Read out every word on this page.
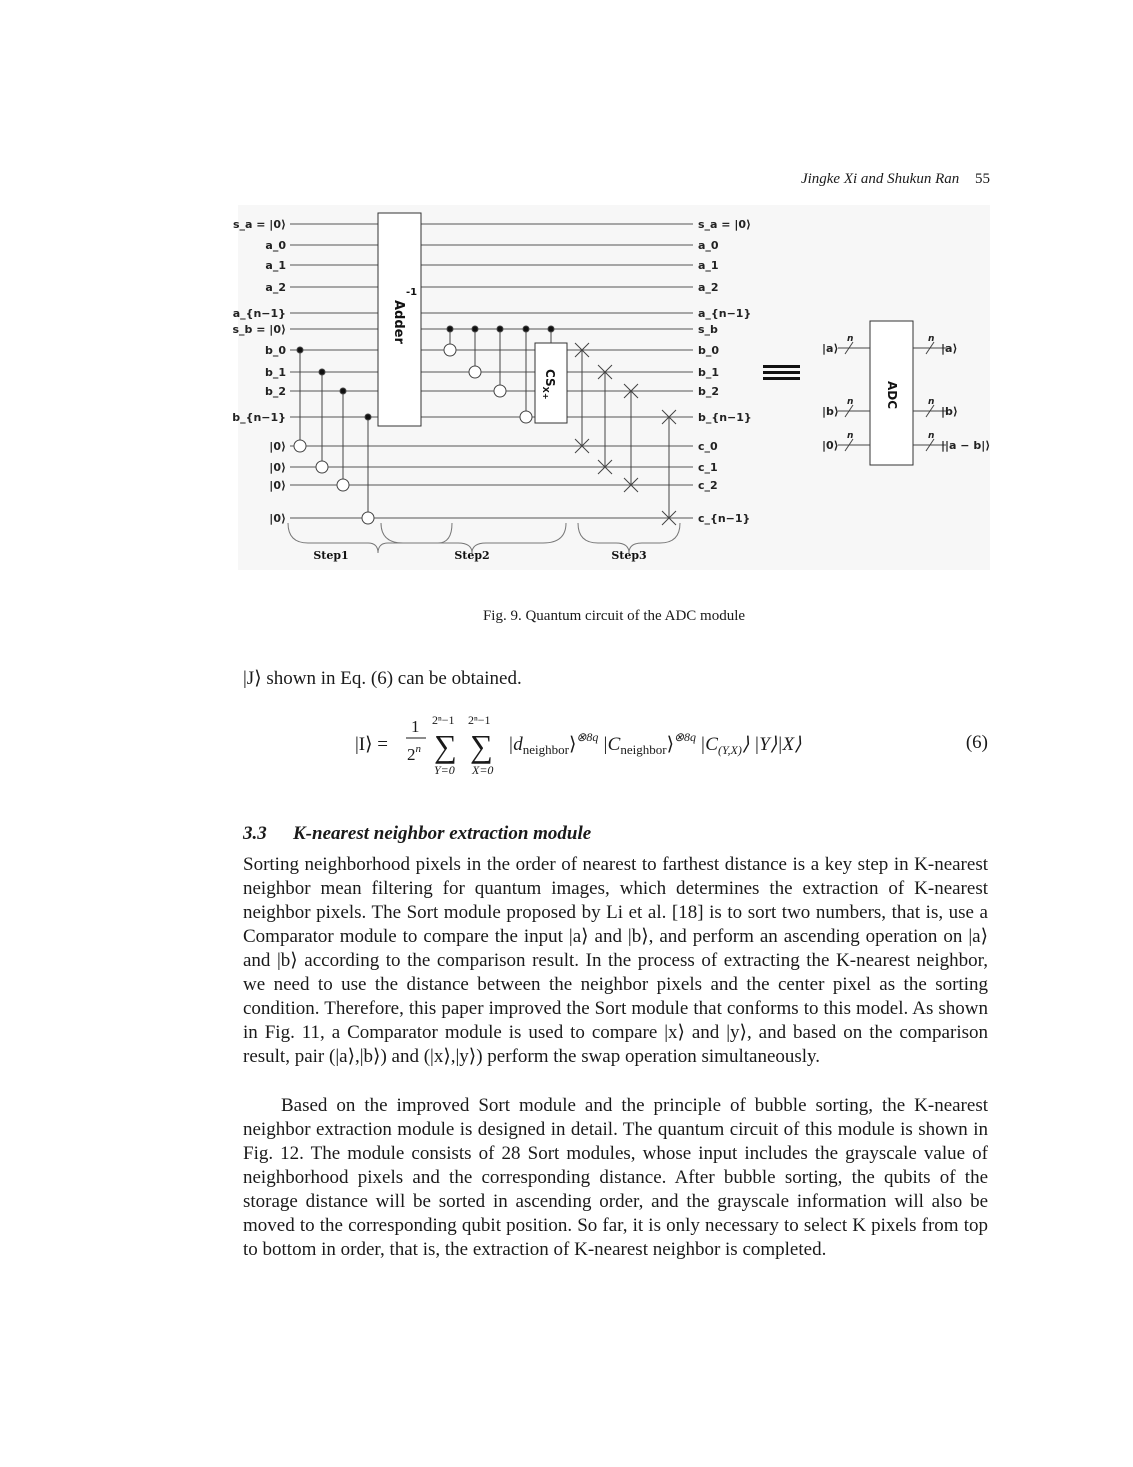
Jingke Xi and Shukun Ran 55
s_a = |0⟩
a_0
a_1
a_2
a_{n−1}
s_b = |0⟩
b_0
b_1
b_2
b_{n−1}
|0⟩
|0⟩
|0⟩
|0⟩
s_a = |0⟩
a_0
a_1
a_2
a_{n−1}
s_b
b_0
b_1
b_2
b_{n−1}
c_0
c_1
c_2
c_{n−1}
Adder
-1
$CS_{X+}$
Step1	Step2	Step3
ADC
|a⟩	|a⟩
n	n
|b⟩	|b⟩
n	n
|0⟩	||a − b|⟩
n	n
Fig. 9. Quantum circuit of the ADC module
|J⟩ shown in Eq. (6) can be obtained.
|I⟩ =
1
2$^n$
2ⁿ−1 2ⁿ−1
∑ ∑
Y=0 X=0
$|d_{neighbor}⟩^{\otimes 8q}$ $|C_{neighbor}⟩^{\otimes 8q}$ $|C_{(Y,X)}⟩$ |Y⟩|X⟩	(6)
3.3 K-nearest neighbor extraction module

Sorting neighborhood pixels in the order of nearest to farthest distance is a key step in K-nearest neighbor mean filtering for quantum images, which determines the extraction of K-nearest neighbor pixels. The Sort module proposed by Li et al. [18] is to sort two numbers, that is, use a Comparator module to compare the input |a⟩ and |b⟩, and perform an ascending operation on |a⟩ and |b⟩ according to the comparison result. In the process of extracting the K-nearest neighbor, we need to use the distance between the neighbor pixels and the center pixel as the sorting condition. Therefore, this paper improved the Sort module that conforms to this model. As shown in Fig. 11, a Comparator module is used to compare |x⟩ and |y⟩, and based on the comparison result, pair (|a⟩,|b⟩) and (|x⟩,|y⟩) perform the swap operation simultaneously.

Based on the improved Sort module and the principle of bubble sorting, the K-nearest neighbor extraction module is designed in detail. The quantum circuit of this module is shown in Fig. 12. The module consists of 28 Sort modules, whose input includes the grayscale value of neighborhood pixels and the corresponding distance. After bubble sorting, the qubits of the storage distance will be sorted in ascending order, and the grayscale information will also be moved to the corresponding qubit position. So far, it is only necessary to select K pixels from top to bottom in order, that is, the extraction of K-nearest neighbor is completed.
